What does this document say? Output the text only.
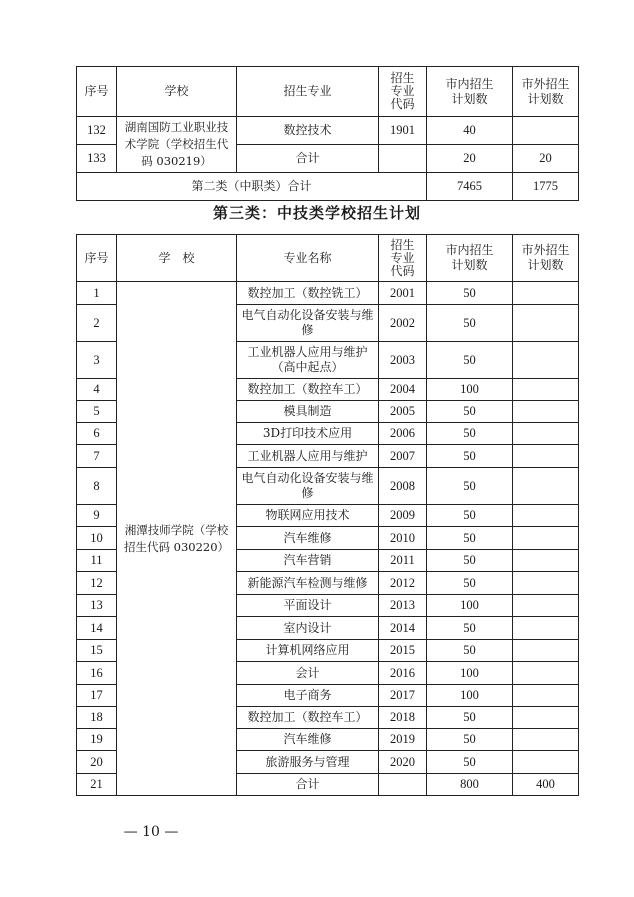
序号	学校	招生专业	招生专业代码	市内招生计划数	市外招生计划数
132	湖南国防工业职业技术学院（学校招生代码 030219）	数控技术	1901	40	
133		合计		20	20
第二类（中职类）合计				7465	1775
第三类：中技类学校招生计划
序号	学　校	专业名称	招生专业代码	市内招生计划数	市外招生计划数
1	湘潭技师学院（学校招生代码 030220）	数控加工（数控铣工）	2001	50	
2		电气自动化设备安装与维修	2002	50	
3		工业机器人应用与维护（高中起点）	2003	50	
4		数控加工（数控车工）	2004	100	
5		模具制造	2005	50	
6		3D打印技术应用	2006	50	
7		工业机器人应用与维护	2007	50	
8		电气自动化设备安装与维修	2008	50	
9		物联网应用技术	2009	50	
10		汽车维修	2010	50	
11		汽车营销	2011	50	
12		新能源汽车检测与维修	2012	50	
13		平面设计	2013	100	
14		室内设计	2014	50	
15		计算机网络应用	2015	50	
16		会计	2016	100	
17		电子商务	2017	100	
18		数控加工（数控车工）	2018	50	
19		汽车维修	2019	50	
20		旅游服务与管理	2020	50	
21		合计		800	400
— 10 —
